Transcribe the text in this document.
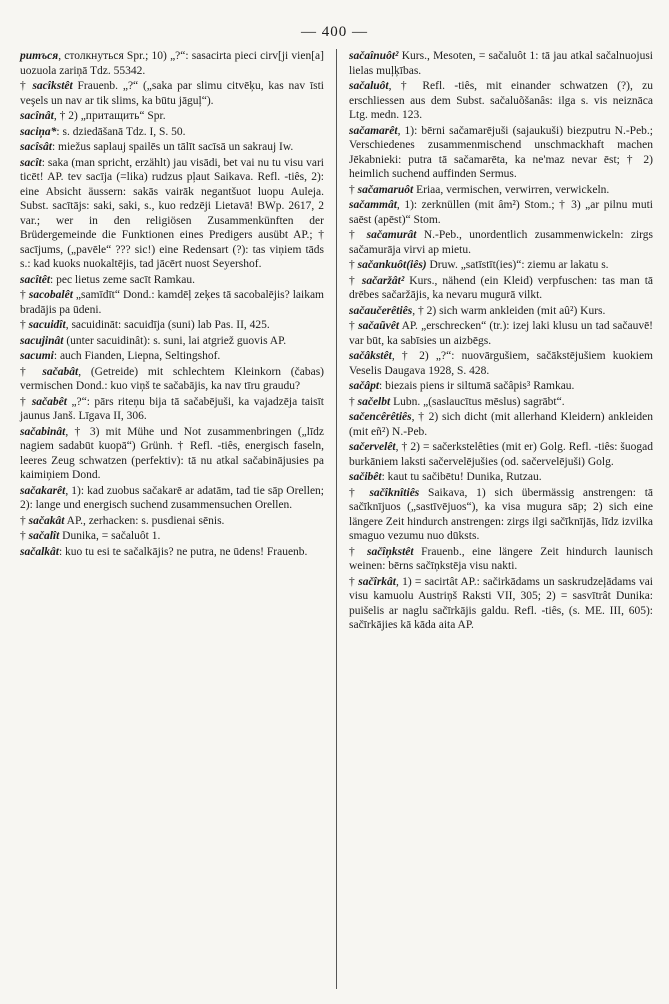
— 400 —

ритъся, столкнуться Spr.; 10) „?“: sasacirta pieci cirv[ji vien[a] uozuola zariņā Tdz. 55342.

† sacîkstêt Frauenb. „?“ („saka par slimu citvēķu, kas nav īsti veşels un nav ar tik slims, ka būtu jāguļ“).

sacînât, † 2) „притащить“ Spr.

saciņa*: s. dziedāšanā Tdz. I, S. 50.

sacîsât: miežus saplauj spailēs un tālīt sacīsā un sakrauj Iw.

sacît: saka (man spricht, erzählt) jau visādi, bet vai nu tu visu vari ticēt! AP. tev sacīja (=lika) rudzus pļaut Saikava. Refl. -tiês, 2): eine Absicht äussern: sakās vairāk negantšuot luopu Auleja. Subst. sacītājs: saki, saki, s., kuo redzēji Lietavā! BWp. 2617, 2 var.; wer in den religiösen Zusammenkünften der Brüdergemeinde die Funktionen eines Predigers ausübt AP.; † sacījums, („pavēle“ ??? sic!) eine Redensart (?): tas viņiem tāds s.: kad kuoks nuokaltējis, tad jācērt nuost Seyershof.

sacîtêt: pec lietus zeme sacīt Ramkau.

† sacobalêt „samīdīt“ Dond.: kamdēļ zeķes tā sacobalējis? laikam bradājis pa ūdeni.

† sacuidît, sacuidināt: sacuidīja (suni) lab Pas. II, 425.

sacujinât (unter sacuidinât): s. suni, lai atgriež guovis AP.

sacumi: auch Fianden, Liepna, Seltingshof.

† sačabât, (Getreide) mit schlechtem Kleinkorn (čabas) vermischen Dond.: kuo viņš te sačabājis, ka nav tīru graudu?

† sačabêt „?“: pārs riteņu bija tā sačabējuši, ka vajadzēja taisīt jaunus Janš. Līgava II, 306.

sačabinât, † 3) mit Mühe und Not zusammenbringen („līdz nagiem sadabūt kuopā“) Grünh. † Refl. -tiês, energisch faseln, leeres Zeug schwatzen (perfektiv): tā nu atkal sačabinājusies pa kaimiņiem Dond.

sačakarêt, 1): kad zuobus sačakarē ar adatām, tad tie sāp Orellen; 2): lange und energisch suchend zusammensuchen Orellen.

† sačakât AP., zerhacken: s. pusdienai sēnis.

† sačalît Dunika, = sačaluôt 1.

sačalkât: kuo tu esi te sačalkājis? ne putra, ne ūdens! Frauenb.

sačaînuôt² Kurs., Mesoten, = sačaluôt 1: tā jau atkal sačalnuojusi lielas muļķības.

sačaluôt, † Refl. -tiês, mit einander schwatzen (?), zu erschliessen aus dem Subst. sačaluõšanâs: ilga s. vis neiznāca Ltg. medn. 123.

sačamarêt, 1): bērni sačamarējuši (sajaukuši) biezputru N.-Peb.; Verschiedenes zusammenmischend unschmackhaft machen Jēkabnieki: putra tā sačamarēta, ka ne'maz nevar ēst; † 2) heimlich suchend auffinden Sermus.

† sačamaruôt Eriaa, vermischen, verwirren, verwickeln.

sačammât, 1): zerknüllen (mit âm²) Stom.; † 3) „ar pilnu muti saēst (apēst)“ Stom.

† sačamurât N.-Peb., unordentlich zusammenwickeln: zirgs sačamurāja virvi ap mietu.

† sačankuôt(iês) Druw. „satīstīt(ies)“: ziemu ar lakatu s.

† sačaržât² Kurs., nähend (ein Kleid) verpfuschen: tas man tā drēbes sačaržājis, ka nevaru mugurā vilkt.

sačaučerêtiês, † 2) sich warm ankleiden (mit aû²) Kurs.

† sačaũvêt AP. „erschrecken“ (tr.): izej laki klusu un tad sačauvē! var būt, ka sabīsies un aizbēgs.

sačâkstêt, † 2) „?“: nuovārgušiem, sačākstējušiem kuokiem Veselis Daugava 1928, S. 428.

sačâpt: biezais piens ir siltumā sačâpis³ Ramkau.

† sačelbt Lubn. „(saslaucītus mēslus) sagrābt“.

sačencêrêtiês, † 2) sich dicht (mit allerhand Kleidern) ankleiden (mit eñ²) N.-Peb.

sačervelêt, † 2) = sačerkstelêties (mit er) Golg. Refl. -tiês: šuogad burkāniem laksti sačervelējušies (od. sačervelējuši) Golg.

sačibêt: kaut tu sačibētu! Dunika, Rutzau.

† sačîknîtiês Saikava, 1) sich übermässig anstrengen: tā sačīknījuos („sastīvējuos“), ka visa mugura sāp; 2) sich eine längere Zeit hindurch anstrengen: zirgs ilgi sačīknījās, līdz izvilka smaguo vezumu nuo dūksts.

† sačîņkstêt Frauenb., eine längere Zeit hindurch launisch weinen: bērns sačīņkstēja visu nakti.

† sačîrkât, 1) = sacirtât AP.: sačirkādams un saskrudzeļādams vai visu kamuolu Austriņš Raksti VII, 305; 2) = sasvītrât Dunika: puišelis ar naglu sačīrkājis galdu. Refl. -tiês, (s. ME. III, 605): sačīrkājies kā kāda aita AP.
